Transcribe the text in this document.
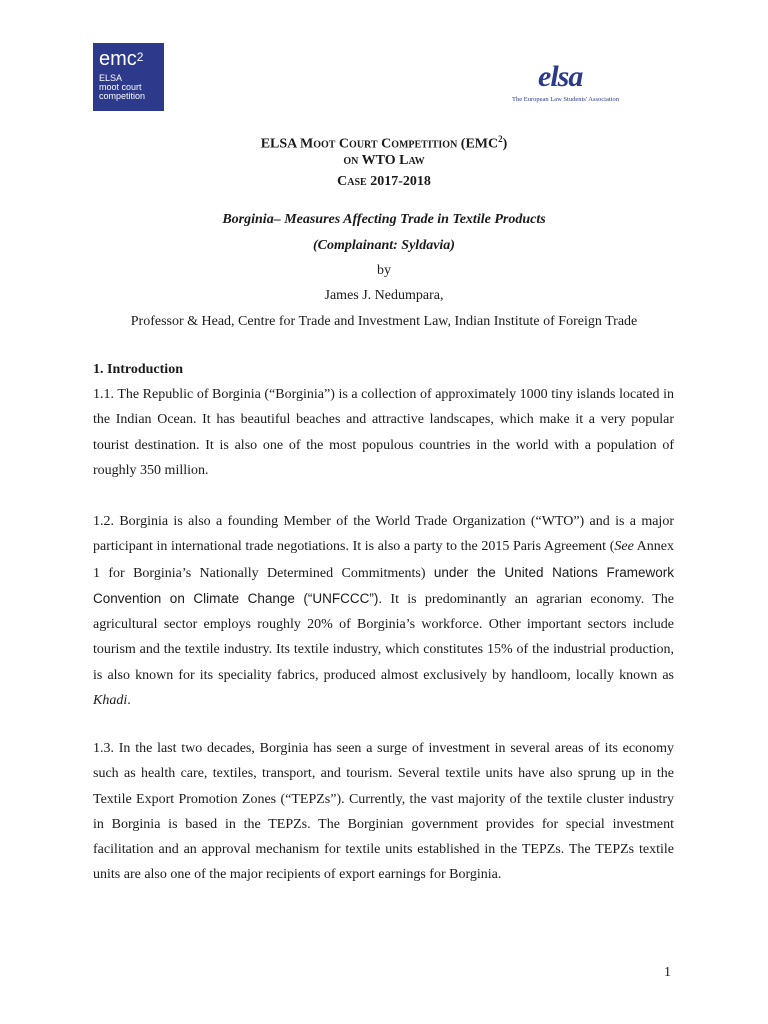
emc$^2$
ELSA
moot court
competition
elsa
The European Law Students' Association
ELSA Moot Court Competition (EMC$^2$)
on WTO Law
Case 2017-2018
Borginia– Measures Affecting Trade in Textile Products
(Complainant: Syldavia)
by
James J. Nedumpara,
Professor & Head, Centre for Trade and Investment Law, Indian Institute of Foreign Trade
1. Introduction

1.1. The Republic of Borginia (“Borginia”) is a collection of approximately 1000 tiny islands located in the Indian Ocean. It has beautiful beaches and attractive landscapes, which make it a very popular tourist destination. It is also one of the most populous countries in the world with a population of roughly 350 million.

1.2. Borginia is also a founding Member of the World Trade Organization (“WTO”) and is a major participant in international trade negotiations. It is also a party to the 2015 Paris Agreement (See Annex 1 for Borginia’s Nationally Determined Commitments) under the United Nations Framework Convention on Climate Change (“UNFCCC”). It is predominantly an agrarian economy. The agricultural sector employs roughly 20% of Borginia’s workforce. Other important sectors include tourism and the textile industry. Its textile industry, which constitutes 15% of the industrial production, is also known for its speciality fabrics, produced almost exclusively by handloom, locally known as Khadi.

1.3. In the last two decades, Borginia has seen a surge of investment in several areas of its economy such as health care, textiles, transport, and tourism. Several textile units have also sprung up in the Textile Export Promotion Zones (“TEPZs”). Currently, the vast majority of the textile cluster industry in Borginia is based in the TEPZs. The Borginian government provides for special investment facilitation and an approval mechanism for textile units established in the TEPZs. The TEPZs textile units are also one of the major recipients of export earnings for Borginia.

1
